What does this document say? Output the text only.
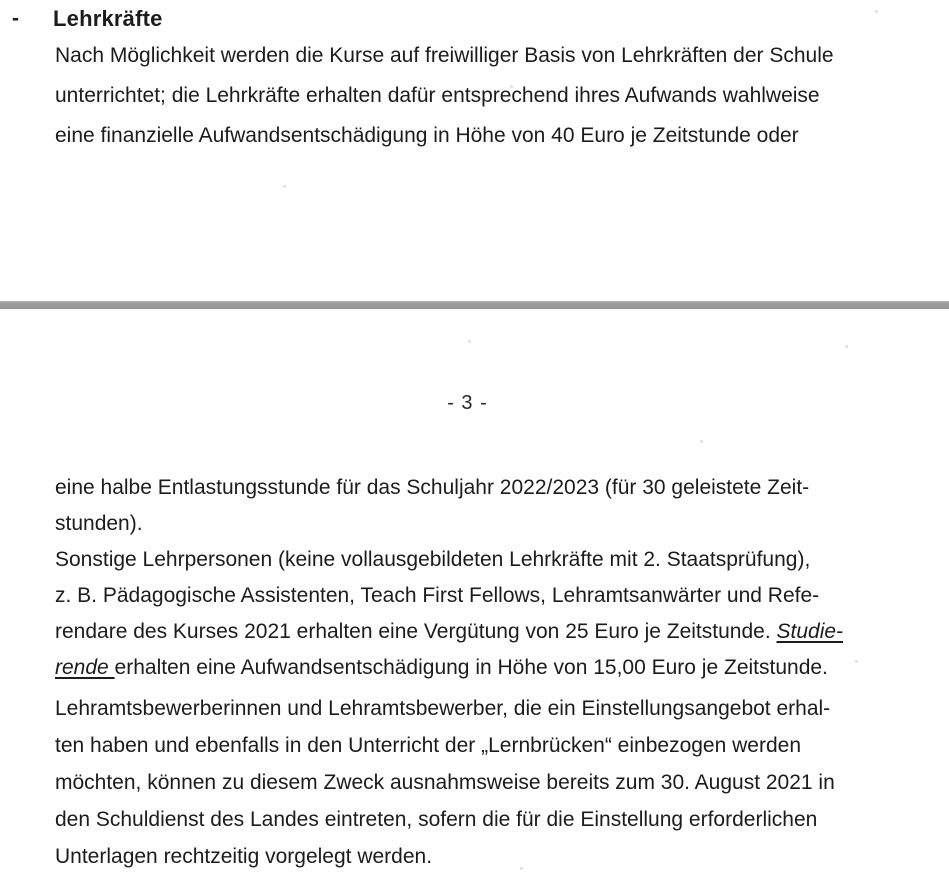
- Lehrkräfte
Nach Möglichkeit werden die Kurse auf freiwilliger Basis von Lehrkräften der Schule
unterrichtet; die Lehrkräfte erhalten dafür entsprechend ihres Aufwands wahlweise
eine finanzielle Aufwandsentschädigung in Höhe von 40 Euro je Zeitstunde oder
- 3 -
eine halbe Entlastungsstunde für das Schuljahr 2022/2023 (für 30 geleistete Zeit-
stunden).
Sonstige Lehrpersonen (keine vollausgebildeten Lehrkräfte mit 2. Staatsprüfung),
z. B. Pädagogische Assistenten, Teach First Fellows, Lehramtsanwärter und Refe-
rendare des Kurses 2021 erhalten eine Vergütung von 25 Euro je Zeitstunde. Studie-
rende erhalten eine Aufwandsentschädigung in Höhe von 15,00 Euro je Zeitstunde.
Lehramtsbewerberinnen und Lehramtsbewerber, die ein Einstellungsangebot erhal-
ten haben und ebenfalls in den Unterricht der „Lernbrücken“ einbezogen werden
möchten, können zu diesem Zweck ausnahmsweise bereits zum 30. August 2021 in
den Schuldienst des Landes eintreten, sofern die für die Einstellung erforderlichen
Unterlagen rechtzeitig vorgelegt werden.
